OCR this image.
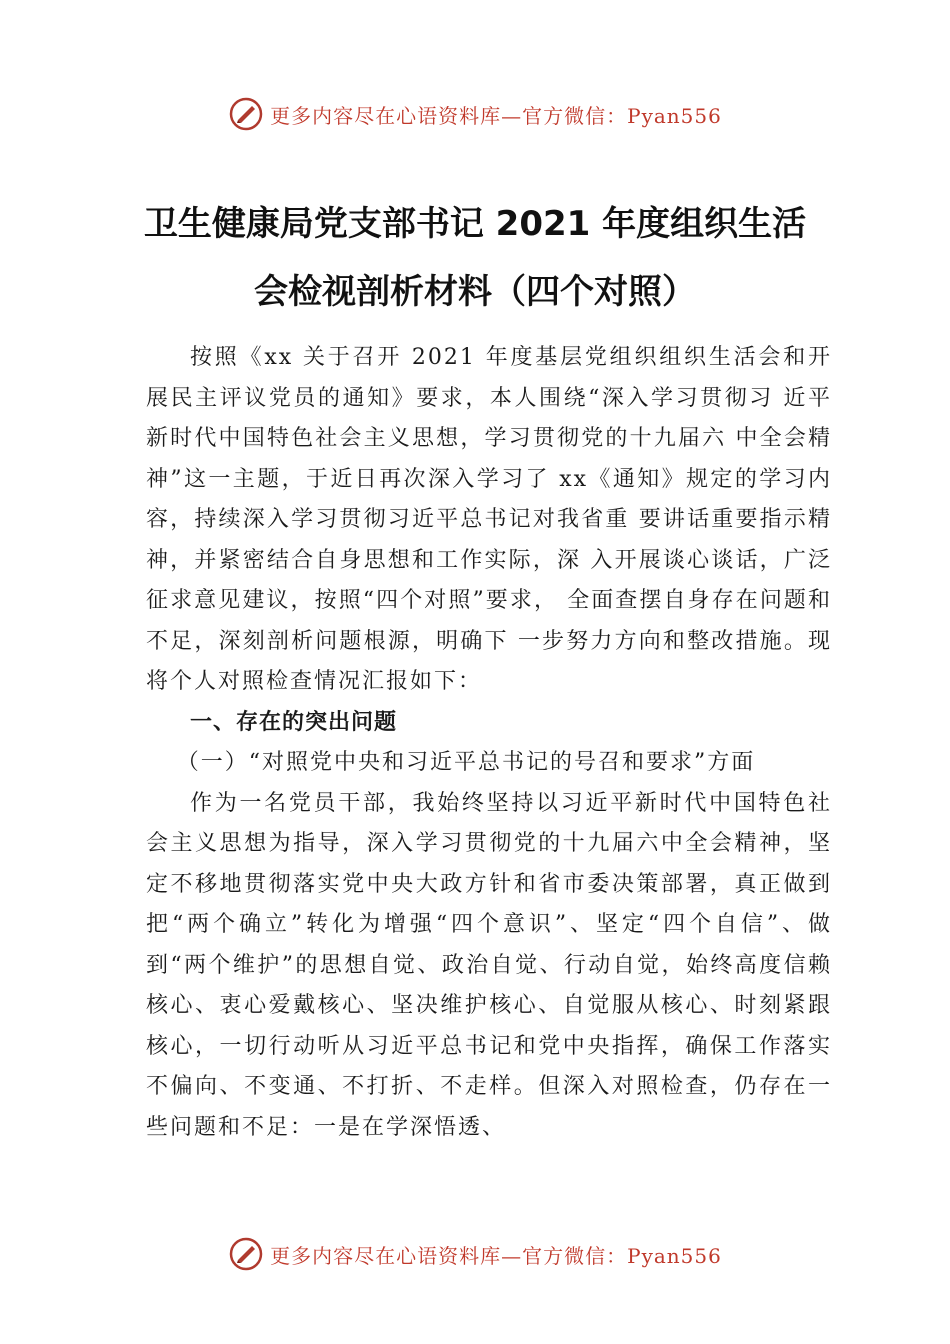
更多内容尽在心语资料库—官方微信：Pyan556
卫生健康局党支部书记 2021 年度组织生活
会检视剖析材料（四个对照）

按照《xx 关于召开 2021 年度基层党组织组织生活会和开展民主评议党员的通知》要求，本人围绕“深入学习贯彻习 近平新时代中国特色社会主义思想，学习贯彻党的十九届六 中全会精神”这一主题，于近日再次深入学习了 xx《通知》规定的学习内容，持续深入学习贯彻习近平总书记对我省重 要讲话重要指示精神，并紧密结合自身思想和工作实际，深 入开展谈心谈话，广泛征求意见建议，按照“四个对照”要求， 全面查摆自身存在问题和不足，深刻剖析问题根源，明确下 一步努力方向和整改措施。现将个人对照检查情况汇报如下：

一、存在的突出问题

（一）“对照党中央和习近平总书记的号召和要求”方面

作为一名党员干部，我始终坚持以习近平新时代中国特色社会主义思想为指导，深入学习贯彻党的十九届六中全会精神，坚定不移地贯彻落实党中央大政方针和省市委决策部署，真正做到把“两个确立”转化为增强“四个意识”、坚定“四个自信”、做到“两个维护”的思想自觉、政治自觉、行动自觉，始终高度信赖核心、衷心爱戴核心、坚决维护核心、自觉服从核心、时刻紧跟核心，一切行动听从习近平总书记和党中央指挥，确保工作落实不偏向、不变通、不打折、不走样。但深入对照检查，仍存在一些问题和不足：一是在学深悟透、

更多内容尽在心语资料库—官方微信：Pyan556
